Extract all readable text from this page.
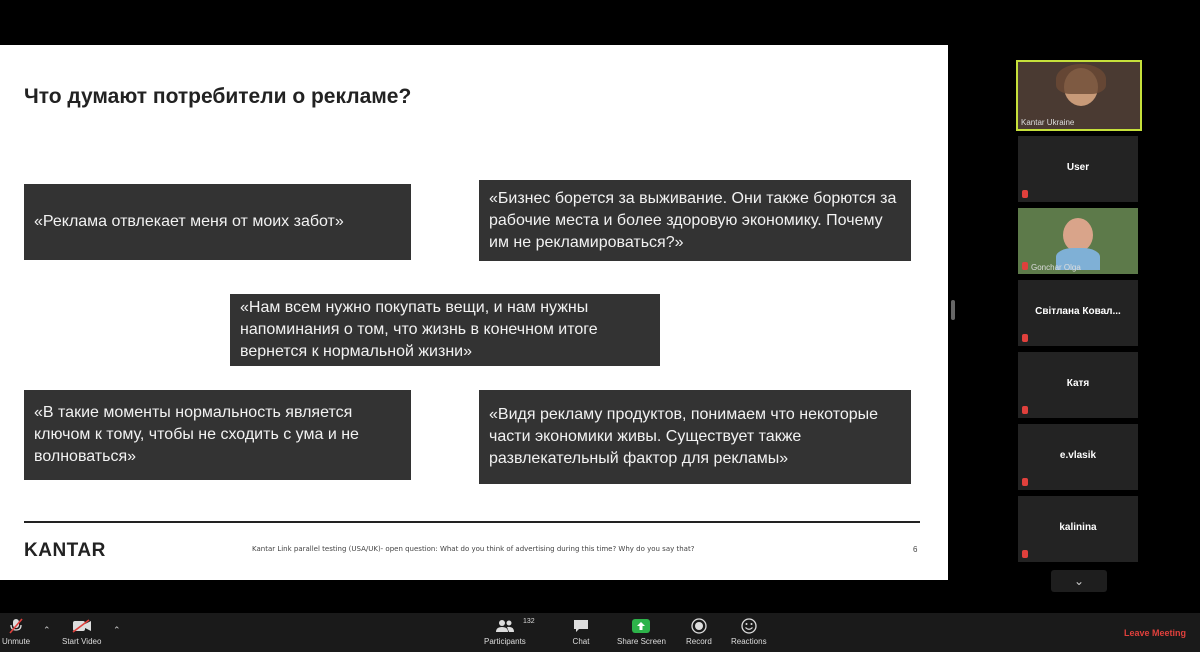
Что думают потребители о рекламе?
«Реклама отвлекает меня от моих забот»
«Бизнес борется за выживание. Они также борются за рабочие места и более здоровую экономику. Почему им не рекламироваться?»
«Нам всем нужно покупать вещи, и нам нужны напоминания о том, что жизнь в конечном итоге вернется к нормальной жизни»
«В такие моменты нормальность является ключом к тому, чтобы не сходить с ума и не волноваться»
«Видя рекламу продуктов, понимаем что некоторые части экономики живы. Существует также развлекательный фактор для рекламы»
KANTAR	Kantar Link parallel testing (USA/UK)- open question: What do you think of advertising during this time? Why do you say that?	6
Kantar Ukraine
User
Gonchar Olga
Світлана Ковал...
Катя
e.vlasik
kalinina
⌄
Unmute
⌃
Start Video
⌃
Participants
132
Chat	Share Screen	Record Reactions
Leave Meeting
